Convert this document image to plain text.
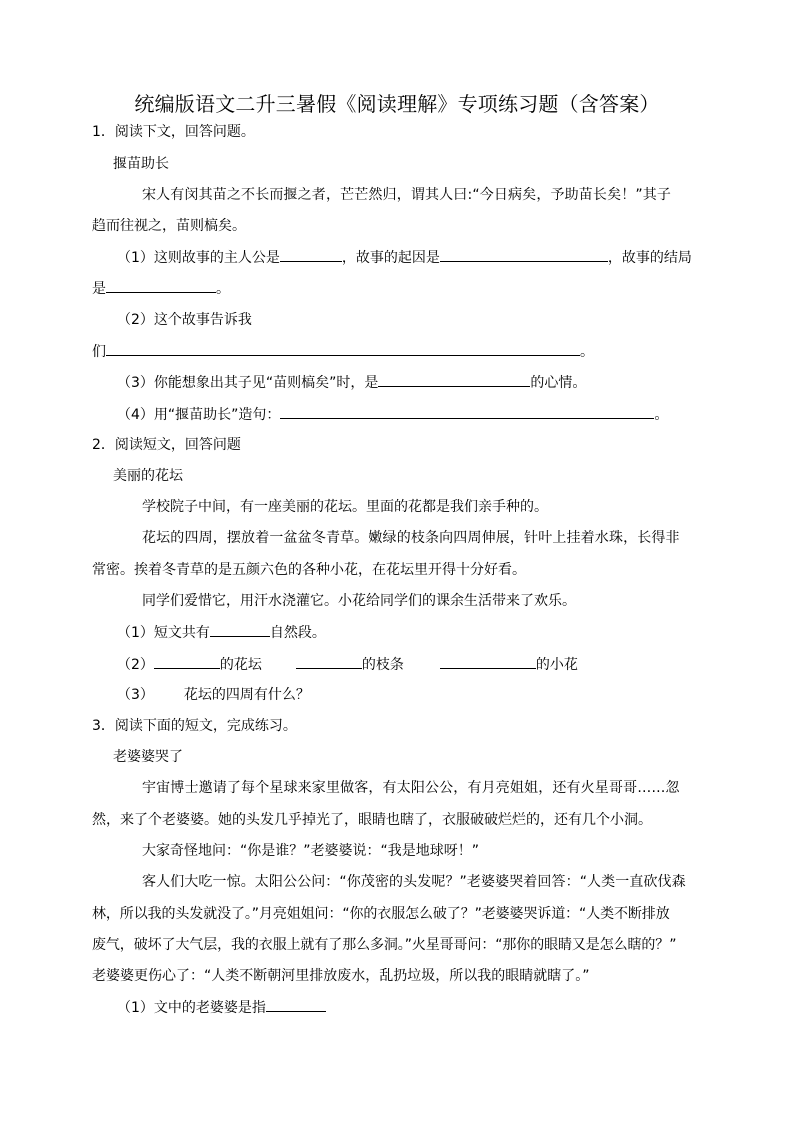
统编版语文二升三暑假《阅读理解》专项练习题（含答案）
1．阅读下文，回答问题。
揠苗助长
宋人有闵其苗之不长而揠之者，芒芒然归，谓其人曰:“今日病矣，予助苗长矣！”其子
趋而往视之，苗则槁矣。
（1）这则故事的主人公是	，故事的起因是	，故事的结局
是	。
（2）这个故事告诉我
们	。
（3）你能想象出其子见“苗则槁矣”时，是	的心情。
（4）用“揠苗助长”造句：	。
2．阅读短文，回答问题
美丽的花坛
学校院子中间，有一座美丽的花坛。里面的花都是我们亲手种的。
花坛的四周，摆放着一盆盆冬青草。嫩绿的枝条向四周伸展，针叶上挂着水珠，长得非
常密。挨着冬青草的是五颜六色的各种小花，在花坛里开得十分好看。
同学们爱惜它，用汗水浇灌它。小花给同学们的课余生活带来了欢乐。
（1）短文共有	自然段。
（2）	的花坛	的枝条	的小花
（3） 花坛的四周有什么？
3．阅读下面的短文，完成练习。
老婆婆哭了
宇宙博士邀请了每个星球来家里做客，有太阳公公，有月亮姐姐，还有火星哥哥……忽
然，来了个老婆婆。她的头发几乎掉光了，眼睛也瞎了，衣服破破烂烂的，还有几个小洞。
大家奇怪地问：“你是谁？”老婆婆说：“我是地球呀！”
客人们大吃一惊。太阳公公问：“你茂密的头发呢？”老婆婆哭着回答：“人类一直砍伐森
林，所以我的头发就没了。”月亮姐姐问：“你的衣服怎么破了？”老婆婆哭诉道：“人类不断排放
废气，破坏了大气层，我的衣服上就有了那么多洞。”火星哥哥问：“那你的眼睛又是怎么瞎的？”
老婆婆更伤心了：“人类不断朝河里排放废水，乱扔垃圾，所以我的眼睛就瞎了。”
（1）文中的老婆婆是指
